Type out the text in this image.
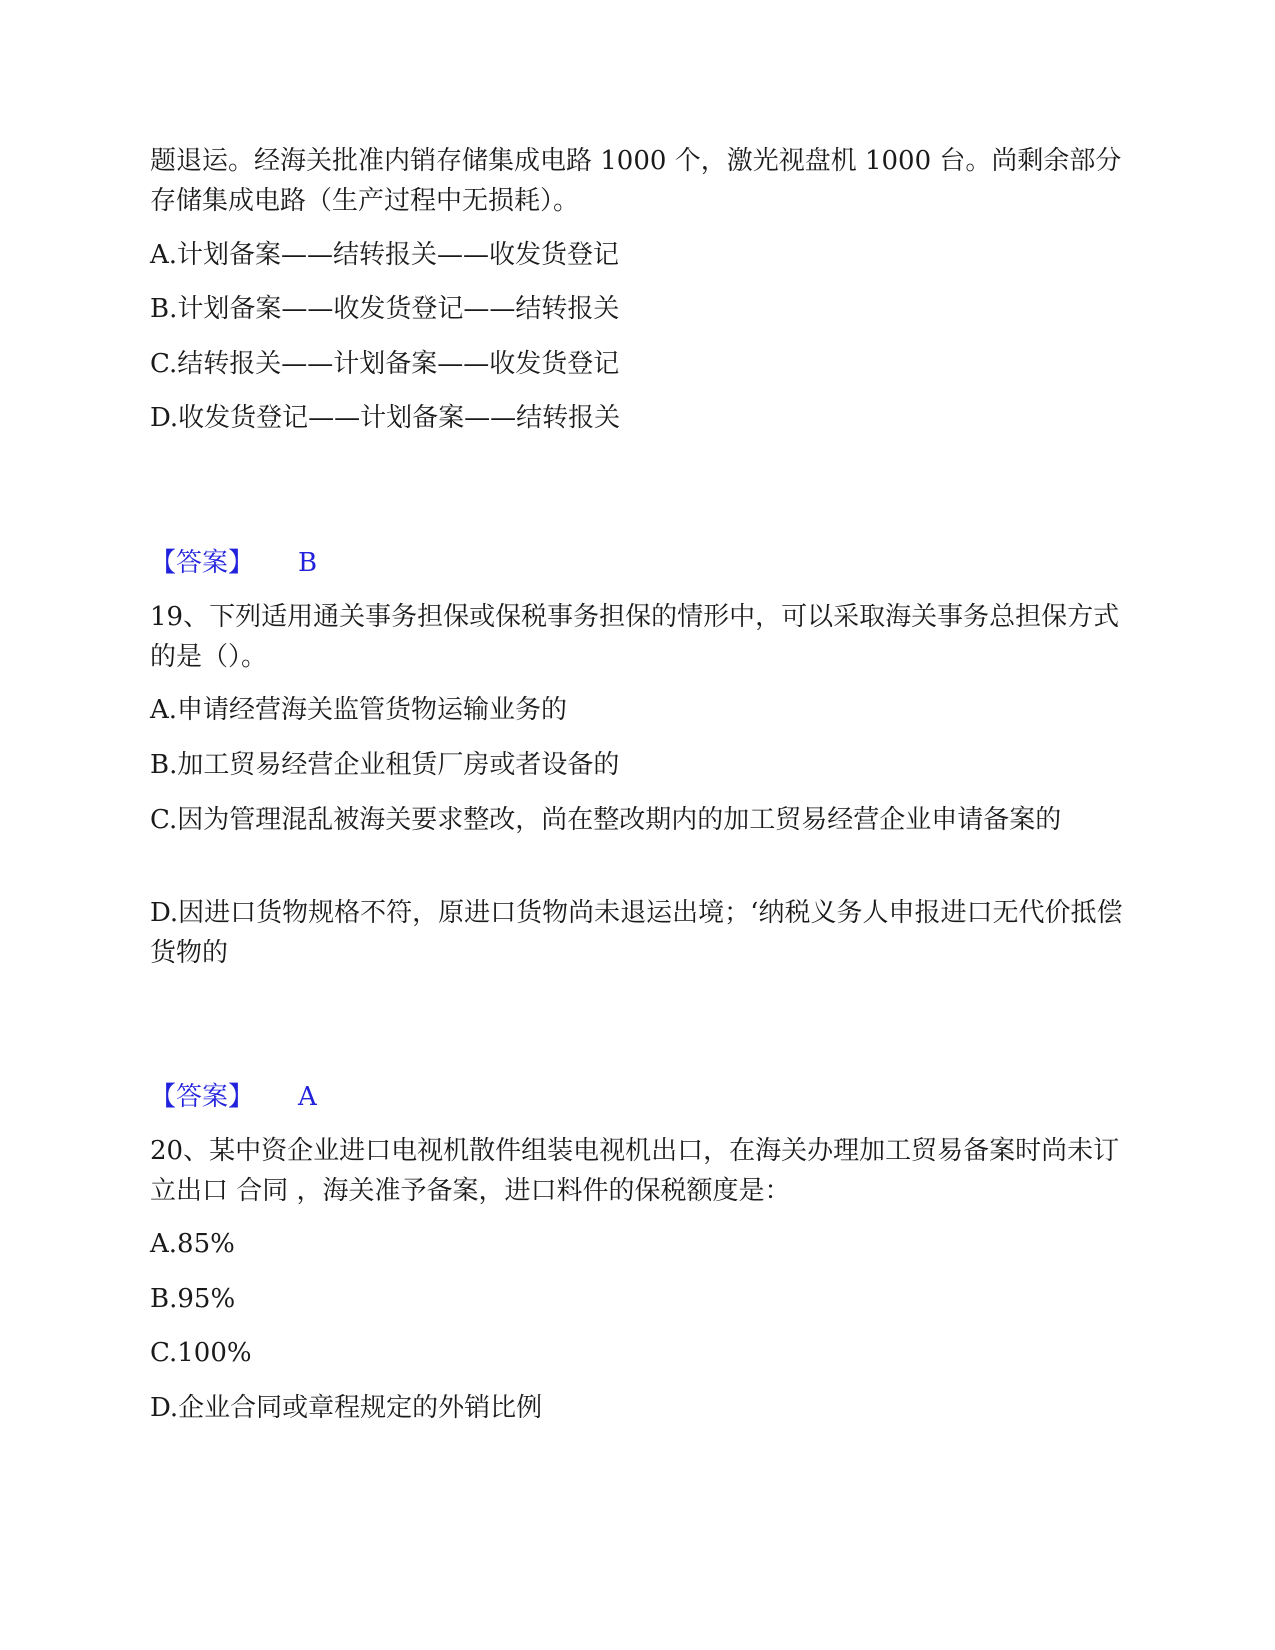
题退运。经海关批准内销存储集成电路 1000 个，激光视盘机 1000 台。尚剩余部分存储集成电路（生产过程中无损耗）。
A.计划备案——结转报关——收发货登记
B.计划备案——收发货登记——结转报关
C.结转报关——计划备案——收发货登记
D.收发货登记——计划备案——结转报关
【答案】 B
19、下列适用通关事务担保或保税事务担保的情形中，可以采取海关事务总担保方式的是（）。
A.申请经营海关监管货物运输业务的
B.加工贸易经营企业租赁厂房或者设备的
C.因为管理混乱被海关要求整改，尚在整改期内的加工贸易经营企业申请备案的
D.因进口货物规格不符，原进口货物尚未退运出境；‘纳税义务人申报进口无代价抵偿货物的
【答案】 A
20、某中资企业进口电视机散件组装电视机出口，在海关办理加工贸易备案时尚未订立出口 合同 ，海关准予备案，进口料件的保税额度是：
A.85%
B.95%
C.100%
D.企业合同或章程规定的外销比例
